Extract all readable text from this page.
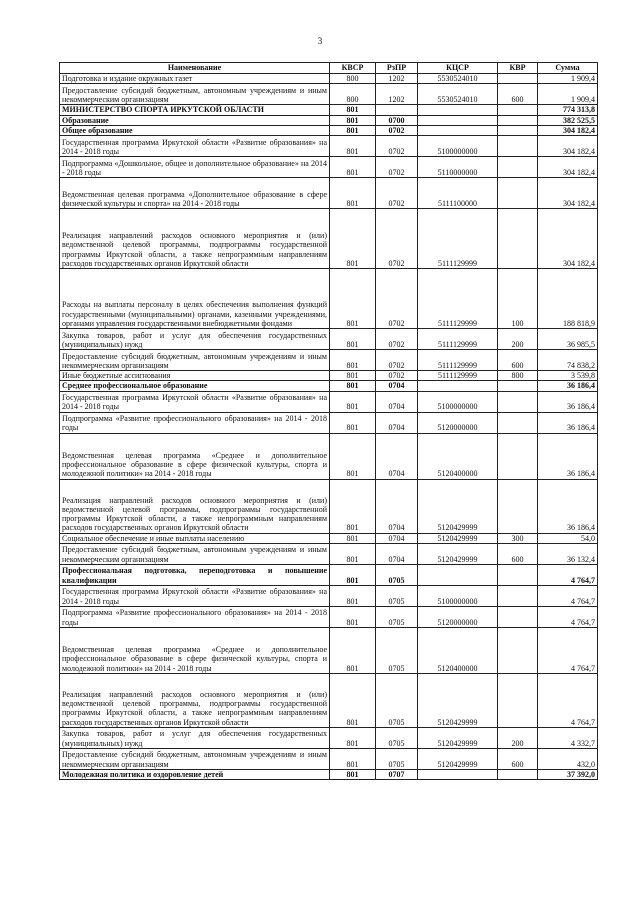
3
Наименование	КВСР	РзПР	КЦСР	КВР	Сумма
Подготовка и издание окружных газет	800	1202	5530524010		1 909,4
Предоставление субсидий бюджетным, автономным учреждениям и иным некоммерческим организациям	800	1202	5530524010	600	1 909,4
МИНИСТЕРСТВО СПОРТА ИРКУТСКОЙ ОБЛАСТИ	801				774 313,8
Образование	801	0700			382 525,5
Общее образование	801	0702			304 182,4
Государственная программа Иркутской области «Развитие образования» на 2014 - 2018 годы	801	0702	5100000000		304 182,4
Подпрограмма «Дошкольное, общее и дополнительное образование» на 2014 - 2018 годы	801	0702	5110000000		304 182,4
Ведомственная целевая программа «Дополнительное образование в сфере физической культуры и спорта» на 2014 - 2018 годы	801	0702	5111100000		304 182,4
Реализация направлений расходов основного мероприятия и (или) ведомственной целевой программы, подпрограммы государственной программы Иркутской области, а также непрограммным направлениям расходов государственных органов Иркутской области	801	0702	5111129999		304 182,4
Расходы на выплаты персоналу в целях обеспечения выполнения функций государственными (муниципальными) органами, казенными учреждениями, органами управления государственными внебюджетными фондами	801	0702	5111129999	100	188 818,9
Закупка товаров, работ и услуг для обеспечения государственных (муниципальных) нужд	801	0702	5111129999	200	36 985,5
Предоставление субсидий бюджетным, автономным учреждениям и иным некоммерческим организациям	801	0702	5111129999	600	74 838,2
Иные бюджетные ассигнования	801	0702	5111129999	800	3 539,8
Среднее профессиональное образование	801	0704			36 186,4
Государственная программа Иркутской области «Развитие образования» на 2014 - 2018 годы	801	0704	5100000000		36 186,4
Подпрограмма «Развитие профессионального образования» на 2014 - 2018 годы	801	0704	5120000000		36 186,4
Ведомственная целевая программа «Среднее и дополнительное профессиональное образование в сфере физической культуры, спорта и молодежной политики» на 2014 - 2018 годы	801	0704	5120400000		36 186,4
Реализация направлений расходов основного мероприятия и (или) ведомственной целевой программы, подпрограммы государственной программы Иркутской области, а также непрограммным направлениям расходов государственных органов Иркутской области	801	0704	5120429999		36 186,4
Социальное обеспечение и иные выплаты населению	801	0704	5120429999	300	54,0
Предоставление субсидий бюджетным, автономным учреждениям и иным некоммерческим организациям	801	0704	5120429999	600	36 132,4
Профессиональная подготовка, переподготовка и повышение квалификации	801	0705			4 764,7
Государственная программа Иркутской области «Развитие образования» на 2014 - 2018 годы	801	0705	5100000000		4 764,7
Подпрограмма «Развитие профессионального образования» на 2014 - 2018 годы	801	0705	5120000000		4 764,7
Ведомственная целевая программа «Среднее и дополнительное профессиональное образование в сфере физической культуры, спорта и молодежной политики» на 2014 - 2018 годы	801	0705	5120400000		4 764,7
Реализация направлений расходов основного мероприятия и (или) ведомственной целевой программы, подпрограммы государственной программы Иркутской области, а также непрограммным направлениям расходов государственных органов Иркутской области	801	0705	5120429999		4 764,7
Закупка товаров, работ и услуг для обеспечения государственных (муниципальных) нужд	801	0705	5120429999	200	4 332,7
Предоставление субсидий бюджетным, автономным учреждениям и иным некоммерческим организациям	801	0705	5120429999	600	432,0
Молодежная политика и оздоровление детей	801	0707			37 392,0
